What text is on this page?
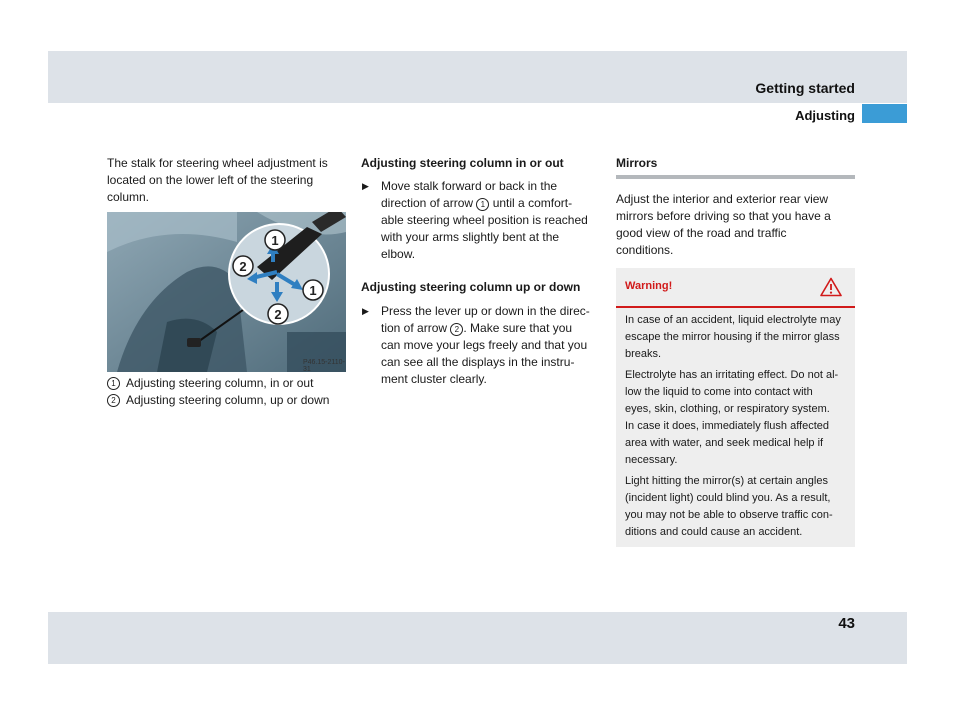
Getting started
Adjusting

The stalk for steering wheel adjustment is
located on the lower left of the steering
column.

1
2
1
2
P46.15-2110-31
1 Adjusting steering column, in or out
2 Adjusting steering column, up or down

Adjusting steering column in or out

▶ Move stalk forward or back in the
direction of arrow 1 until a comfort-
able steering wheel position is reached
with your arms slightly bent at the
elbow.

Adjusting steering column up or down

▶ Press the lever up or down in the direc-
tion of arrow 2 . Make sure that you
can move your legs freely and that you
can see all the displays in the instru-
ment cluster clearly.

Mirrors

Adjust the interior and exterior rear view
mirrors before driving so that you have a
good view of the road and traffic
conditions.

Warning!

In case of an accident, liquid electrolyte may
escape the mirror housing if the mirror glass
breaks.

Electrolyte has an irritating effect. Do not al-
low the liquid to come into contact with
eyes, skin, clothing, or respiratory system.
In case it does, immediately flush affected
area with water, and seek medical help if
necessary.

Light hitting the mirror(s) at certain angles
(incident light) could blind you. As a result,
you may not be able to observe traffic con-
ditions and could cause an accident.

43
